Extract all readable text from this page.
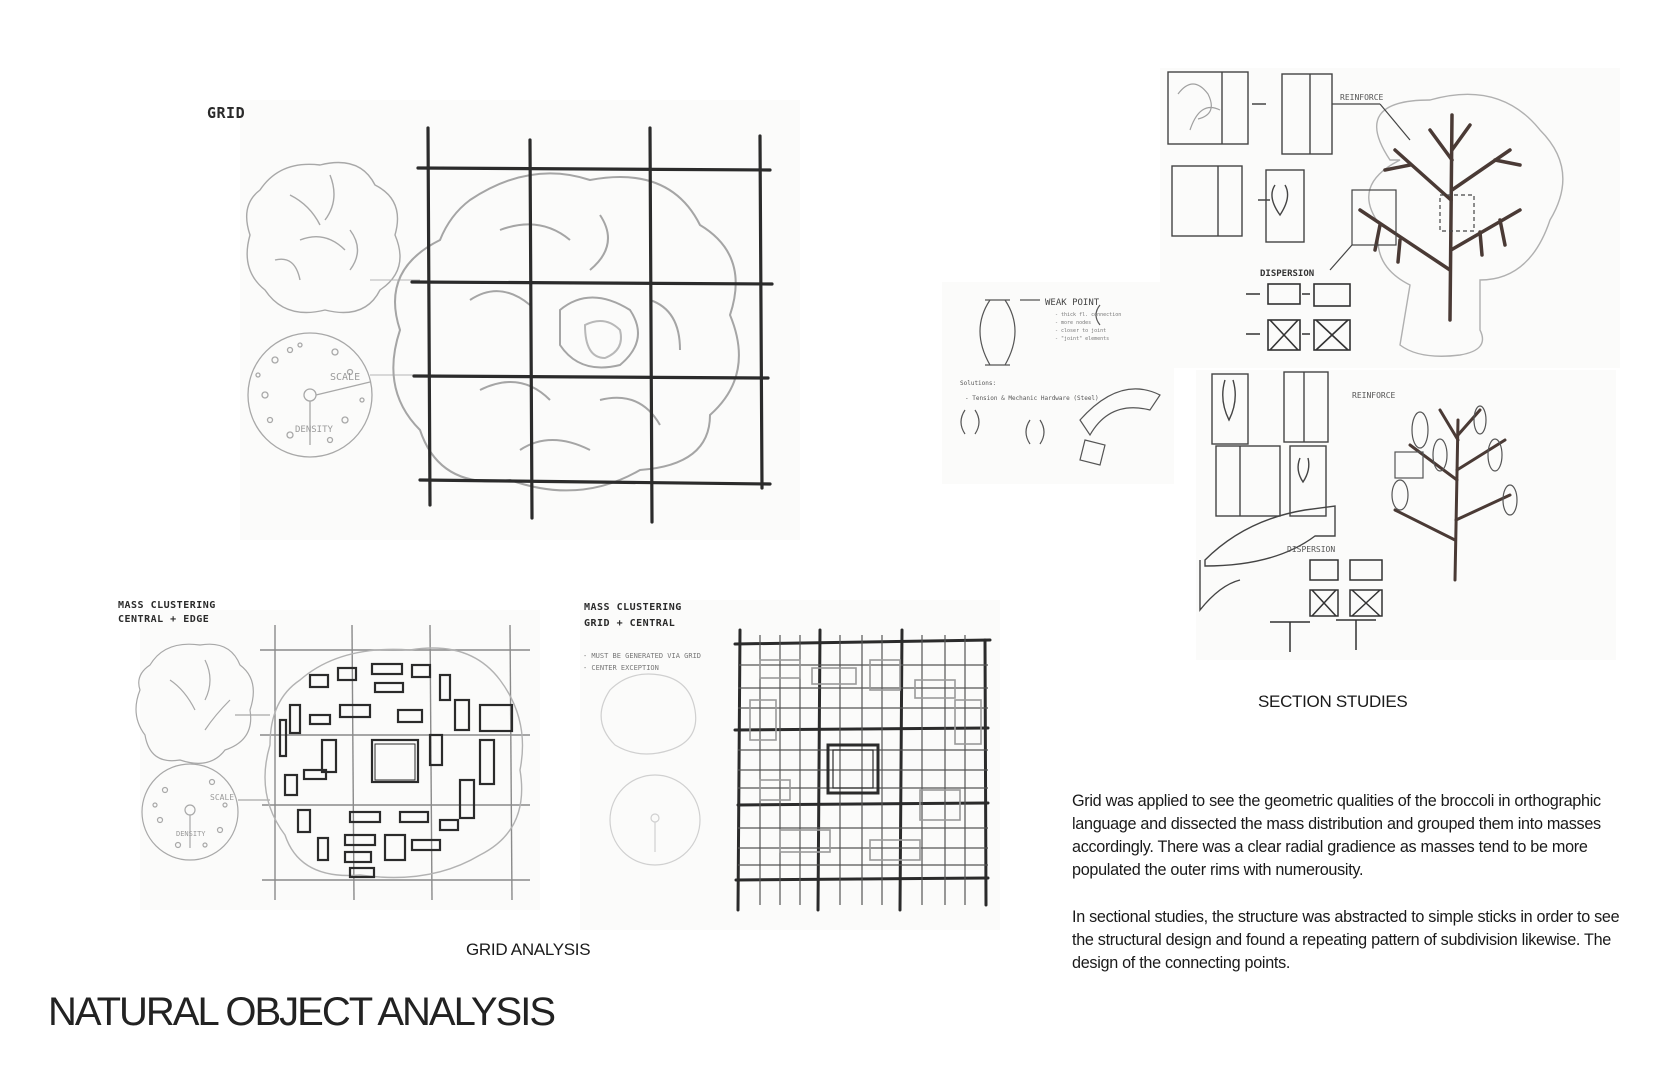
GRID
SCALE
DENSITY
WEAK POINT
- thick fl. connection
- more nodes
- closer to joint
- "joint" elements
Solutions:
- Tension & Mechanic Hardware (Steel)
REINFORCE
DISPERSION
REINFORCE
DISPERSION
SECTION STUDIES
MASS CLUSTERING
CENTRAL + EDGE
SCALE
DENSITY
GRID ANALYSIS
MASS CLUSTERING
GRID + CENTRAL
- MUST BE GENERATED VIA GRID
- CENTER EXCEPTION

Grid was applied to see the geometric qualities of the broccoli in orthographic language and dissected the mass distribution and grouped them into masses accordingly. There was a clear radial gradience as masses tend to be more populated the outer rims with numerousity.

In sectional studies, the structure was abstracted to simple sticks in order to see the structural design and found a repeating pattern of subdivision likewise. The design of the connecting points.

NATURAL OBJECT ANALYSIS
